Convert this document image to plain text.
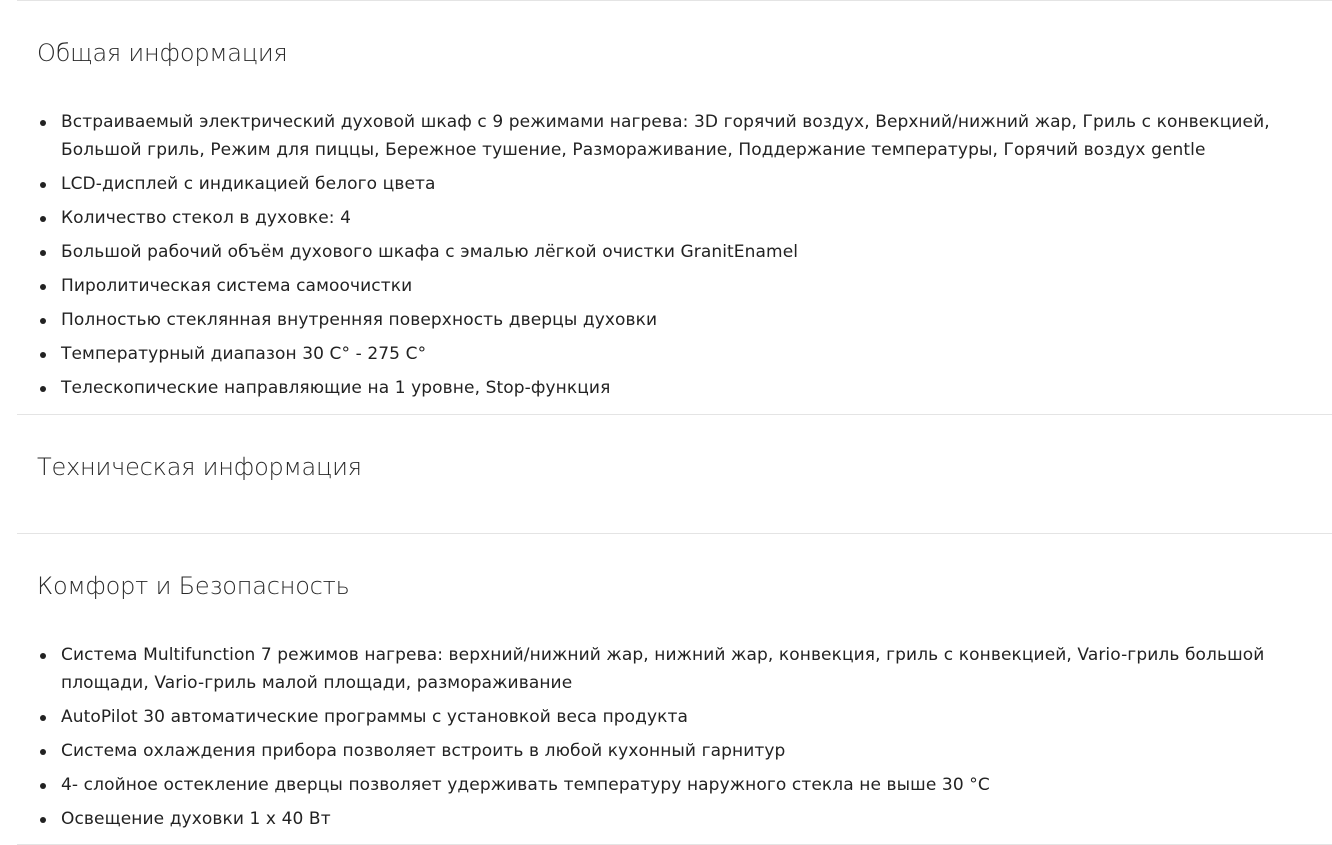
Общая информация
Встраиваемый электрический духовой шкаф с 9 режимами нагрева: 3D горячий воздух, Верхний/нижний жар, Гриль с конвекцией, Большой гриль, Режим для пиццы, Бережное тушение, Размораживание, Поддержание температуры, Горячий воздух gentle
LCD-дисплей с индикацией белого цвета
Количество стекол в духовке: 4
Большой рабочий объём духового шкафа с эмалью лёгкой очистки GranitEnamel
Пиролитическая система самоочистки
Полностью стеклянная внутренняя поверхность дверцы духовки
Температурный диапазон 30 С° - 275 С°
Телескопические направляющие на 1 уровне, Stop-функция
Техническая информация
Комфорт и Безопасность
Система Multifunction 7 режимов нагрева: верхний/нижний жар, нижний жар, конвекция, гриль с конвекцией, Vario-гриль большой площади, Vario-гриль малой площади, размораживание
AutoPilot 30 автоматические программы с установкой веса продукта
Система охлаждения прибора позволяет встроить в любой кухонный гарнитур
4- слойное остекление дверцы позволяет удерживать температуру наружного стекла не выше 30 °C
Освещение духовки 1 х 40 Вт
